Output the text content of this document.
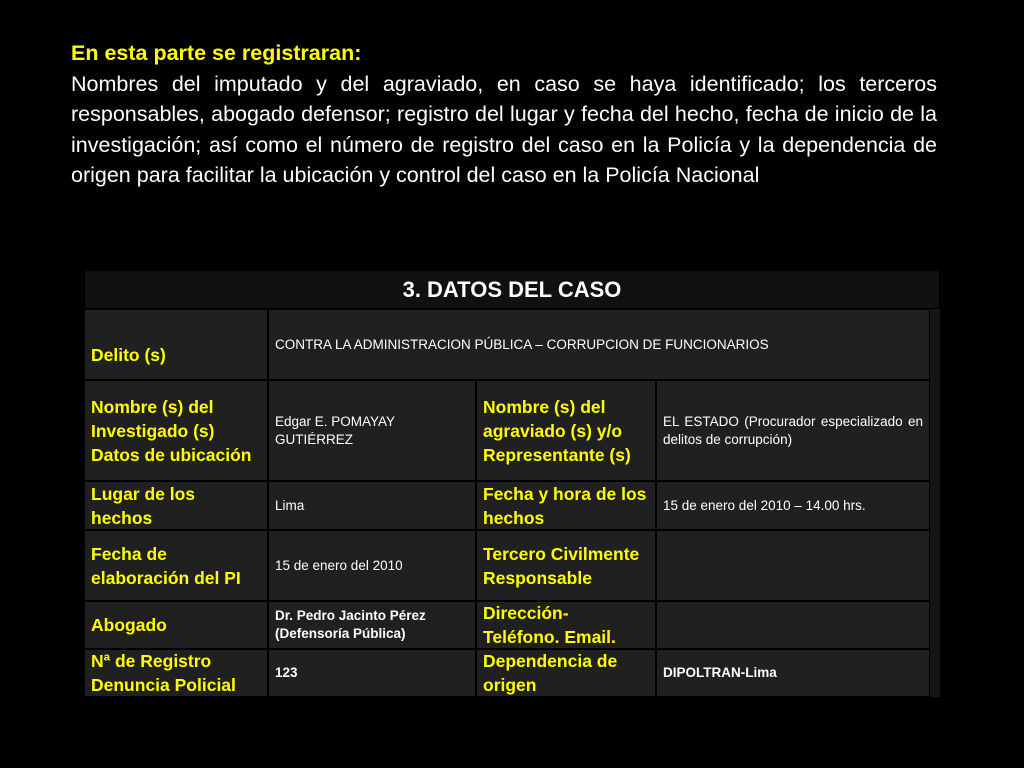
En esta parte se registraran:
Nombres del imputado y del agraviado, en caso se haya identificado; los terceros responsables, abogado defensor; registro del lugar y fecha del hecho, fecha de inicio de la investigación; así como el número de registro del caso en la Policía y la dependencia de origen para facilitar la ubicación y control del caso en la Policía Nacional
3. DATOS DEL CASO
Delito (s)
CONTRA LA ADMINISTRACION PÚBLICA – CORRUPCION DE FUNCIONARIOS
Nombre (s) del Investigado (s) Datos de ubicación
Edgar E. POMAYAY GUTIÉRREZ
Nombre (s) del agraviado (s) y/o Representante (s)
EL ESTADO (Procurador especializado en delitos de corrupción)
Lugar de los hechos
Lima
Fecha y hora de los hechos
15 de enero del 2010 – 14.00 hrs.
Fecha de elaboración del PI
15 de enero del 2010
Tercero Civilmente Responsable
Abogado	Dr. Pedro Jacinto Pérez (Defensoría Pública)
Dirección- Teléfono. Email.
Nª de Registro Denuncia Policial
123
Dependencia de origen
DIPOLTRAN-Lima
